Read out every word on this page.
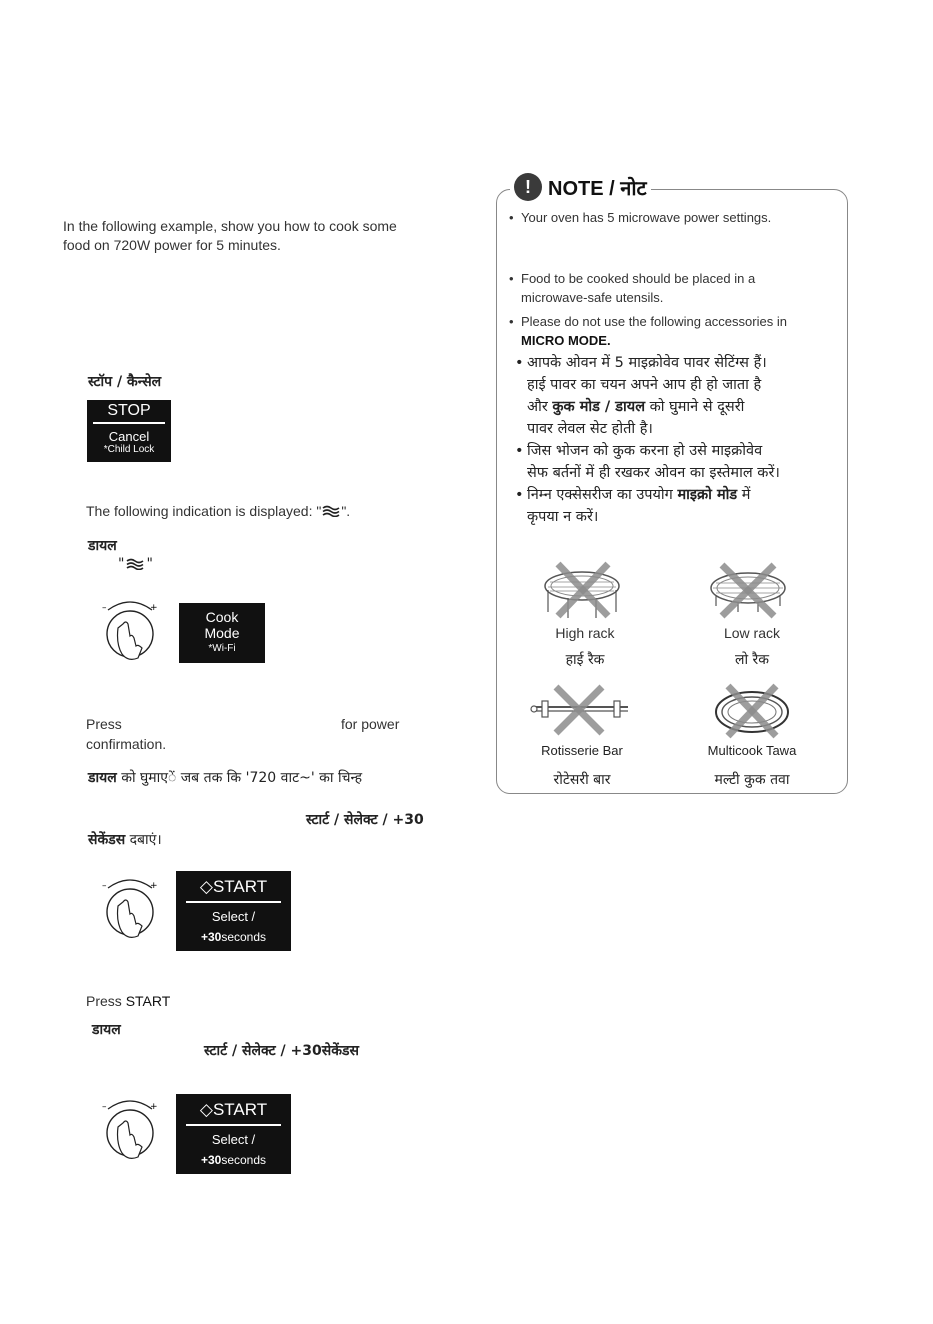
In the following example, show you how to cook some
food on 720W power for 5 minutes.
स्टॉप / कैन्सेल
STOP
Cancel
*Child Lock
The following indication is displayed: " ".
डायल
" "
–	+
Cook
Mode
*Wi-Fi
Press	for power
confirmation.
डायल को घुमाएें जब तक कि '720 वाट~' का चिन्ह
स्टार्ट / सेलेक्ट / +30
सेकेंडस दबाएं।
–	+	◇START
Select /
+30seconds
Press START
डायल
स्टार्ट / सेलेक्ट / +30सेकेंडस
–	+	◇START
Select /
+30seconds
! NOTE / नोट
• Your oven has 5 microwave power settings.
• Food to be cooked should be placed in a
microwave-safe utensils.
• Please do not use the following accessories in
MICRO MODE.
• आपके ओवन में 5 माइक्रोवेव पावर सेटिंग्स हैं।
हाई पावर का चयन अपने आप ही हो जाता है
और कुक मोड / डायल को घुमाने से दूसरी
पावर लेवल सेट होती है।
• जिस भोजन को कुक करना हो उसे माइक्रोवेव
सेफ बर्तनों में ही रखकर ओवन का इस्तेमाल करें।
• निम्न एक्सेसरीज का उपयोग माइक्रो मोड में
कृपया न करें।
High rack
हाई रैक
Low rack
लो रैक
Rotisserie Bar
रोटेसरी बार
Multicook Tawa
मल्टी कुक तवा
